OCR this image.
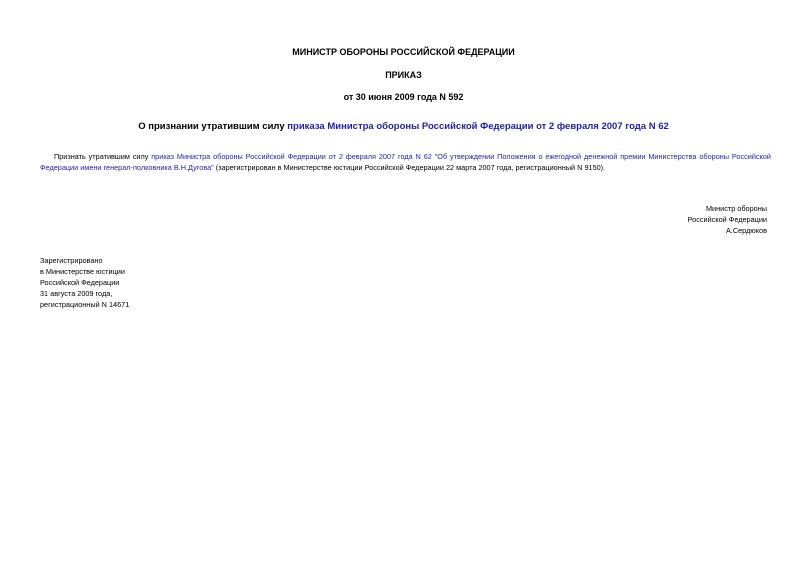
МИНИСТР ОБОРОНЫ РОССИЙСКОЙ ФЕДЕРАЦИИ
ПРИКАЗ
от 30 июня 2009 года N 592
О признании утратившим силу приказа Министра обороны Российской Федерации от 2 февраля 2007 года N 62
Признать утратившим силу приказ Министра обороны Российской Федерации от 2 февраля 2007 года N 62 "Об утверждении Положения о ежегодной денежной премии Министерства обороны Российской Федерации имени генерал-полковника В.Н.Дугова" (зарегистрирован в Министерстве юстиции Российской Федерации 22 марта 2007 года, регистрационный N 9150).
Министр обороны
Российской Федерации
А.Сердюков
Зарегистрировано
в Министерстве юстиции
Российской Федерации
31 августа 2009 года,
регистрационный N 14671
